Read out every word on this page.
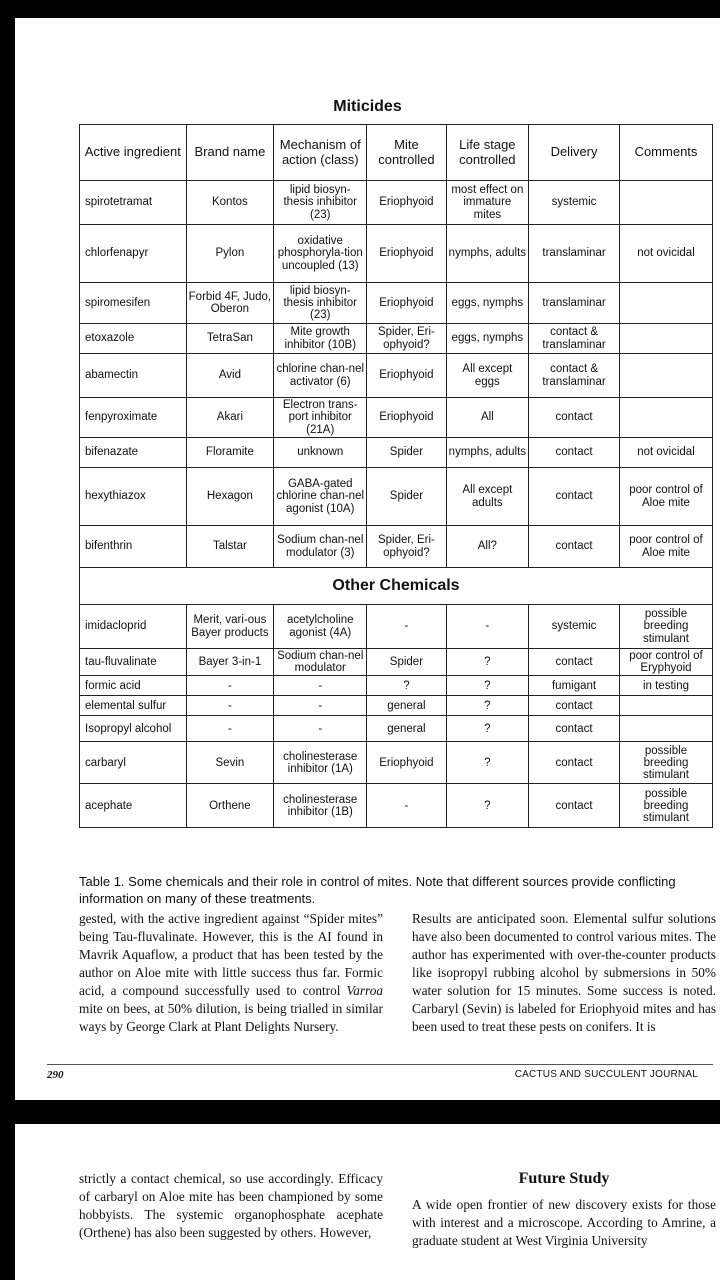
Miticides
Active ingredient	Brand name	Mechanism of action (class)	Mite controlled	Life stage controlled	Delivery	Comments
spirotetramat	Kontos	lipid biosyn-thesis inhibitor (23)	Eriophyoid	most effect on immature mites	systemic	
chlorfenapyr	Pylon	oxidative phosphoryla-tion uncoupled (13)	Eriophyoid	nymphs, adults	translaminar	not ovicidal
spiromesifen	Forbid 4F, Judo, Oberon	lipid biosyn-thesis inhibitor (23)	Eriophyoid	eggs, nymphs	translaminar	
etoxazole	TetraSan	Mite growth inhibitor (10B)	Spider, Eri-ophyoid?	eggs, nymphs	contact & translaminar	
abamectin	Avid	chlorine chan-nel activator (6)	Eriophyoid	All except eggs	contact & translaminar	
fenpyroximate	Akari	Electron trans-port inhibitor (21A)	Eriophyoid	All	contact	
bifenazate	Floramite	unknown	Spider	nymphs, adults	contact	not ovicidal
hexythiazox	Hexagon	GABA-gated chlorine chan-nel agonist (10A)	Spider	All except adults	contact	poor control of Aloe mite
bifenthrin	Talstar	Sodium chan-nel modulator (3)	Spider, Eri-ophyoid?	All?	contact	poor control of Aloe mite
Other Chemicals						
imidacloprid	Merit, vari-ous Bayer products	acetylcholine agonist (4A)	-	-	systemic	possible breeding stimulant
tau-fluvalinate	Bayer 3-in-1	Sodium chan-nel modulator	Spider	?	contact	poor control of Eryphyoid
formic acid	-	-	?	?	fumigant	in testing
elemental sulfur	-	-	general	?	contact	
Isopropyl alcohol	-	-	general	?	contact	
carbaryl	Sevin	cholinesterase inhibitor (1A)	Eriophyoid	?	contact	possible breeding stimulant
acephate	Orthene	cholinesterase inhibitor (1B)	-	?	contact	possible breeding stimulant
Table 1. Some chemicals and their role in control of mites. Note that different sources provide conflicting information on many of these treatments.
gested, with the active ingredient against “Spider mites” being Tau-fluvalinate. However, this is the AI found in Mavrik Aquaflow, a product that has been tested by the author on Aloe mite with little success thus far. Formic acid, a compound successfully used to control Varroa mite on bees, at 50% dilution, is being trialled in similar ways by George Clark at Plant Delights Nursery.
Results are anticipated soon. Elemental sulfur solutions have also been documented to control various mites. The author has experimented with over-the-counter products like isopropyl rubbing alcohol by submersions in 50% water solution for 15 minutes. Some success is noted. Carbaryl (Sevin) is labeled for Eriophyoid mites and has been used to treat these pests on conifers. It is
290	CACTUS AND SUCCULENT JOURNAL
strictly a contact chemical, so use accordingly. Efficacy of carbaryl on Aloe mite has been championed by some hobbyists. The systemic organophosphate acephate (Orthene) has also been suggested by others. However,
Future Study
A wide open frontier of new discovery exists for those with interest and a microscope. According to Amrine, a graduate student at West Virginia University
